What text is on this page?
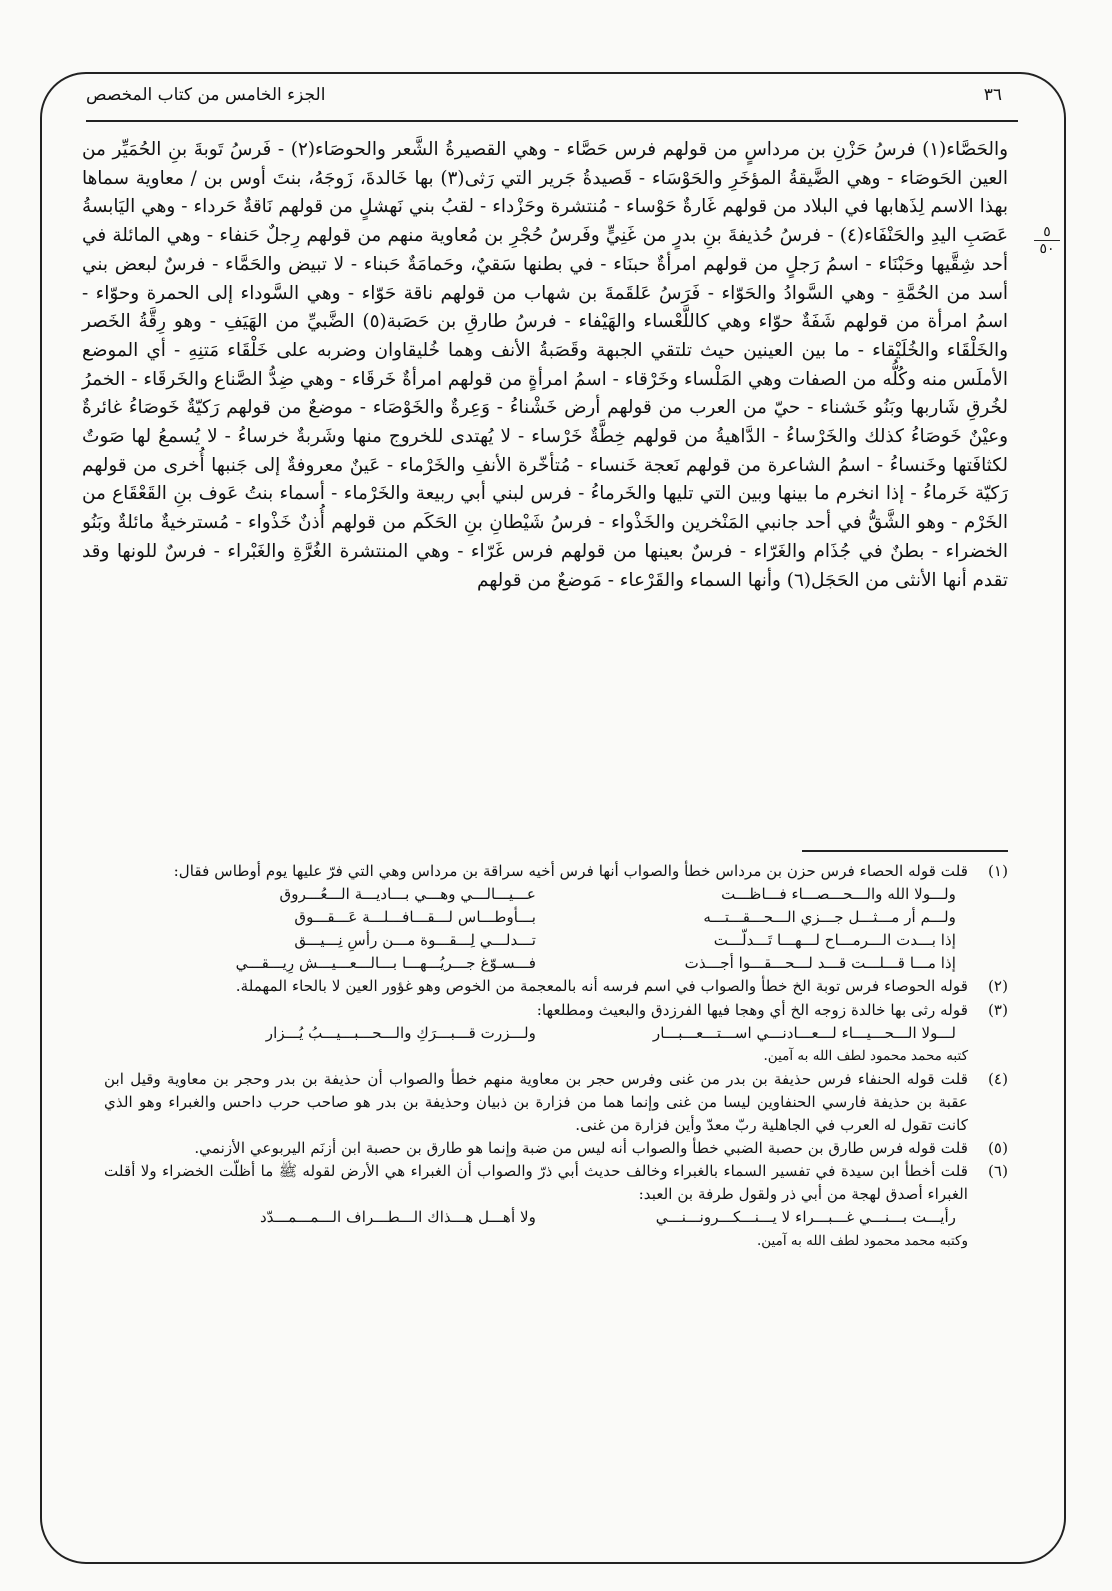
٣٦
الجزء الخامس من كتاب المخصص
٥
٥٠

والحَصَّاء(١) فرسُ حَزْنِ بن مرداسٍ من قولهم فرس حَصَّاء - وهي القصيرةُ الشَّعر والحوصَاء(٢) - فَرسُ تَوبةَ بنِ الحُمَيِّر من العين الحَوصَاء - وهي الضَّيقةُ المؤخَرِ والحَوْسَاء - قَصيدةُ جَرير التي رَثى(٣) بها خَالدةَ، زَوجَهُ، بنتَ أوس بن / معاوية سماها بهذا الاسم لِذَهابها في البلاد من قولهم غَارةٌ حَوْساء - مُنتشرة وحَزْداء - لقبُ بني نَهشلٍ من قولهم نَاقةٌ حَرداء - وهي اليَابسةُ عَصَبِ اليدِ والحَنْفَاء(٤) - فرسُ حُذيفةَ بنِ بدرٍ من غَنِيٍّ وفَرسُ حُجْرِ بن مُعاوية منهم من قولهم رِجلٌ حَنفاء - وهي المائلة في أحد شِقَّيها وحَبْنَاء - اسمُ رَجلٍ من قولهم امرأةٌ حبنَاء - في بطنها سَقيٌ، وحَمامَةٌ حَبناء - لا تبيض والحَمَّاء - فرسٌ لبعض بني أسد من الحُمَّةِ - وهي السَّوادُ والحَوّاء - فَرَسُ عَلقَمةَ بن شهاب من قولهم ناقة حَوّاء - وهي السَّوداء إلى الحمرة وحوّاء - اسمُ امرأة من قولهم شَفَةٌ حوّاء وهي كاللَّعْساء والهَيْفاء - فرسُ طارقِ بن حَصَبة(٥) الضَّبيِّ من الهَيَفِ - وهو رِقَّةُ الخَصر والخَلْقَاء والخُلَيْقاء - ما بين العينين حيث تلتقي الجبهة وقَصَبةُ الأنف وهما خُليقاوان وضربه على خَلْقَاء مَتنِهِ - أي الموضع الأملَس منه وكُلُّه من الصفات وهي المَلْساء وخَرْقاء - اسمُ امرأةٍ من قولهم امرأةٌ خَرقَاء - وهي ضِدُّ الصَّناع والخَرقَاء - الخمرُ لخُرقِ شَاربها وبَنُو خَشناء - حيّ من العرب من قولهم أرض خَشْناءُ - وَعِرةٌ والخَوْصَاء - موضعٌ من قولهم رَكيّةٌ خَوصَاءُ غائرةٌ وعيْنٌ خَوصَاءُ كذلك والخَرْساءُ - الدَّاهيةُ من قولهم خِطَّةٌ خَرْساء - لا يُهتدى للخروج منها وشَربةٌ خرساءُ - لا يُسمعُ لها صَوتٌ لكثافَتها وخَنساءُ - اسمُ الشاعرة من قولهم نَعجة خَنساء - مُتأخّرة الأنفِ والخَرْماء - عَينٌ معروفةٌ إلى جَنبها أُخرى من قولهم رَكيّة خَرماءُ - إذا انخرم ما بينها وبين التي تليها والخَرماءُ - فرس لبني أبي ربيعة والخَرْماء - أسماء بنتُ عَوف بنِ القَعْقَاع من الخَرْم - وهو الشَّقُّ في أحد جانبي المَنْخرين والخَذْواء - فرسُ شَيْطانِ بنِ الحَكَم من قولهم أُذنٌ خَذْواء - مُسترخيةٌ مائلةٌ وبَنُو الخضراء - بطنٌ في جُذَام والغَرّاء - فرسٌ بعينها من قولهم فرس غَرّاء - وهي المنتشرة الغُرَّةِ والغَبْراء - فرسٌ للونها وقد تقدم أنها الأنثى من الحَجَل(٦) وأنها السماء والقَرْعاء - مَوضعٌ من قولهم

(١)

قلت قوله الحصاء فرس حزن بن مرداس خطأ والصواب أنها فرس أخيه سراقة بن مرداس وهي التي فرّ عليها يوم أوطاس فقال:

ولـــولا الله والـــحـــصـــاء فـــاظـــت
عـــيـــالـــي وهـــي بـــاديـــة الـــعُـــروق
ولـــم أر مـــثـــل جـــزي الـــحـــقـــتـــه
بـــأوطـــاس لـــقـــافـــلـــة عَـــقـــوق
إذا بـــدت الـــرمـــاح لـــهـــا تَـــدلّـــت
تـــدلـــي لِـــقـــوة مـــن رأسِ نِـــيـــق
إذا مـــا قـــلـــت قـــد لـــحـــقـــوا أجـــذت
فـــسـوّغ جـــريُـــهـــا بـــالـــعـــيـــش رِيـــقـــي
(٢)

قوله الحوصاء فرس توبة الخ خطأ والصواب في اسم فرسه أنه بالمعجمة من الخوص وهو غؤور العين لا بالحاء المهملة.

(٣)

قوله رثى بها خالدة زوجه الخ أي وهجا فيها الفرزدق والبعيث ومطلعها:

لـــولا الـــحـــيـــاء لـــعـــادنـــي اســـتـــعـــبـــار
ولـــزرت قـــبـــرَكِ والـــحـــبـــيـــبُ يُـــزار

كتبه محمد محمود لطف الله به آمين.

(٤)

قلت قوله الحنفاء فرس حذيفة بن بدر من غنى وفرس حجر بن معاوية منهم خطأ والصواب أن حذيفة بن بدر وحجر بن معاوية وقيل ابن عقبة بن حذيفة فارسي الحنفاوين ليسا من غنى وإنما هما من فزارة بن ذبيان وحذيفة بن بدر هو صاحب حرب داحس والغبراء وهو الذي كانت تقول له العرب في الجاهلية ربّ معدّ وأين فزارة من غنى.

(٥)

قلت قوله فرس طارق بن حصبة الضبي خطأ والصواب أنه ليس من ضبة وإنما هو طارق بن حصبة ابن أزنَم اليربوعي الأزنمي.

(٦)

قلت أخطأ ابن سيدة في تفسير السماء بالغبراء وخالف حديث أبي ذرّ والصواب أن الغبراء هي الأرض لقوله ﷺ ما أظلّت الخضراء ولا أقلت الغبراء أصدق لهجة من أبي ذر ولقول طرفة بن العبد:

رأيـــت بـــنـــي غـــبـــراء لا يـــنـــكـــرونـــنـــي
ولا أهـــل هـــذاك الـــطـــراف الـــمـــمـــدّد

وكتبه محمد محمود لطف الله به آمين.
